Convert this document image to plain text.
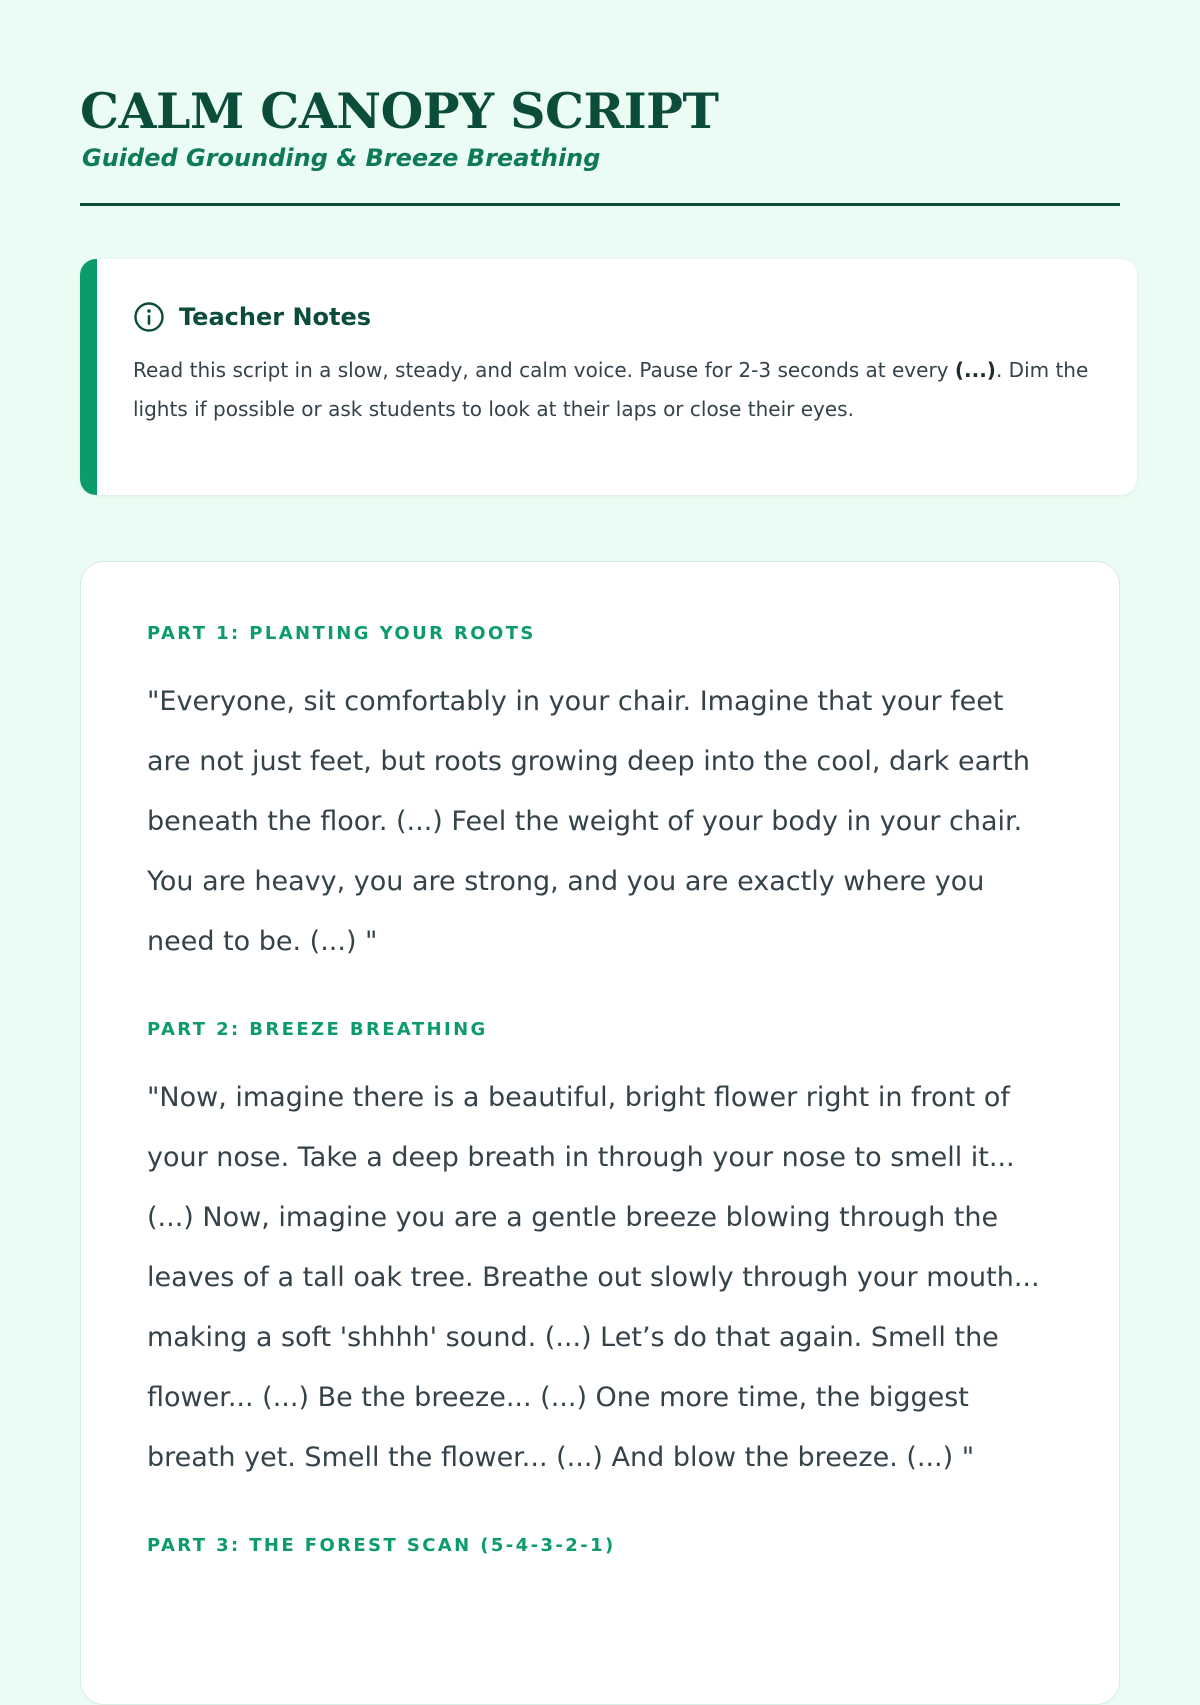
CALM CANOPY SCRIPT
Guided Grounding & Breeze Breathing
Teacher Notes

Read this script in a slow, steady, and calm voice. Pause for 2-3 seconds at every (...). Dim the lights if possible or ask students to look at their laps or close their eyes.

PART 1: PLANTING YOUR ROOTS

"Everyone, sit comfortably in your chair. Imagine that your feet are not just feet, but roots growing deep into the cool, dark earth beneath the floor. (...) Feel the weight of your body in your chair. You are heavy, you are strong, and you are exactly where you need to be. (...) "

PART 2: BREEZE BREATHING

"Now, imagine there is a beautiful, bright flower right in front of your nose. Take a deep breath in through your nose to smell it... (...) Now, imagine you are a gentle breeze blowing through the leaves of a tall oak tree. Breathe out slowly through your mouth... making a soft 'shhhh' sound. (...) Let’s do that again. Smell the flower... (...) Be the breeze... (...) One more time, the biggest breath yet. Smell the flower... (...) And blow the breeze. (...) "

PART 3: THE FOREST SCAN (5-4-3-2-1)
